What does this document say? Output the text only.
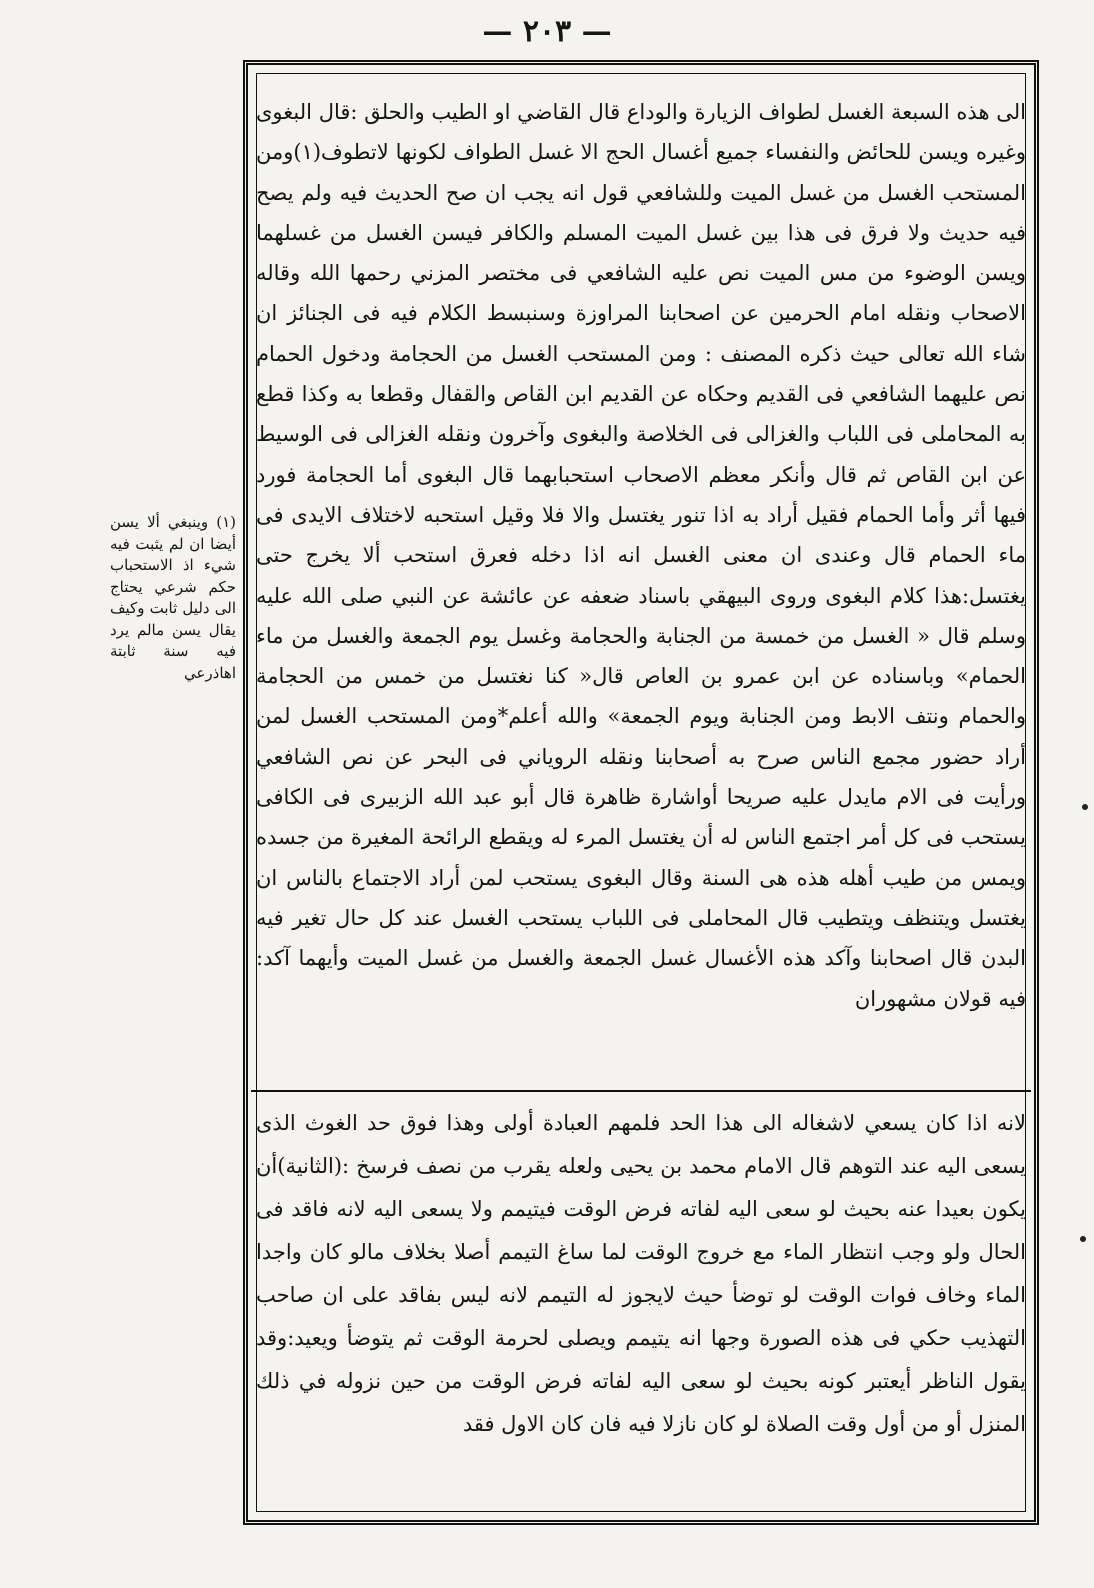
— ٢٠٣ —

الى هذه السبعة الغسل لطواف الزيارة والوداع قال القاضي او الطيب والحلق :قال البغوى وغيره ويسن للحائض والنفساء جميع أغسال الحج الا غسل الطواف لكونها لاتطوف(١)ومن المستحب الغسل من غسل الميت وللشافعي قول انه يجب ان صح الحديث فيه ولم يصح فيه حديث ولا فرق فى هذا بين غسل الميت المسلم والكافر فيسن الغسل من غسلهما ويسن الوضوء من مس الميت نص عليه الشافعي فى مختصر المزني رحمها الله وقاله الاصحاب ونقله امام الحرمين عن اصحابنا المراوزة وسنبسط الكلام فيه فى الجنائز ان شاء الله تعالى حيث ذكره المصنف : ومن المستحب الغسل من الحجامة ودخول الحمام نص عليهما الشافعي فى القديم وحكاه عن القديم ابن القاص والقفال وقطعا به وكذا قطع به المحاملى فى اللباب والغزالى فى الخلاصة والبغوى وآخرون ونقله الغزالى فى الوسيط عن ابن القاص ثم قال وأنكر معظم الاصحاب استحبابهما قال البغوى أما الحجامة فورد فيها أثر وأما الحمام فقيل أراد به اذا تنور يغتسل والا فلا وقيل استحبه لاختلاف الايدى فى ماء الحمام قال وعندى ان معنى الغسل انه اذا دخله فعرق استحب ألا يخرج حتى يغتسل:هذا كلام البغوى وروى البيهقي باسناد ضعفه عن عائشة عن النبي صلى الله عليه وسلم قال « الغسل من خمسة من الجنابة والحجامة وغسل يوم الجمعة والغسل من ماء الحمام» وباسناده عن ابن عمرو بن العاص قال« كنا نغتسل من خمس من الحجامة والحمام ونتف الابط ومن الجنابة ويوم الجمعة» والله أعلم*ومن المستحب الغسل لمن أراد حضور مجمع الناس صرح به أصحابنا ونقله الروياني فى البحر عن نص الشافعي ورأيت فى الام مايدل عليه صريحا أواشارة ظاهرة قال أبو عبد الله الزبيرى فى الكافى يستحب فى كل أمر اجتمع الناس له أن يغتسل المرء له ويقطع الرائحة المغيرة من جسده ويمس من طيب أهله هذه هى السنة وقال البغوى يستحب لمن أراد الاجتماع بالناس ان يغتسل ويتنظف ويتطيب قال المحاملى فى اللباب يستحب الغسل عند كل حال تغير فيه البدن قال اصحابنا وآكد هذه الأغسال غسل الجمعة والغسل من غسل الميت وأيهما آكد: فيه قولان مشهوران

لانه اذا كان يسعي لاشغاله الى هذا الحد فلمهم العبادة أولى وهذا فوق حد الغوث الذى يسعى اليه عند التوهم قال الامام محمد بن يحيى ولعله يقرب من نصف فرسخ :(الثانية)أن يكون بعيدا عنه بحيث لو سعى اليه لفاته فرض الوقت فيتيمم ولا يسعى اليه لانه فاقد فى الحال ولو وجب انتظار الماء مع خروج الوقت لما ساغ التيمم أصلا بخلاف مالو كان واجدا الماء وخاف فوات الوقت لو توضأ حيث لايجوز له التيمم لانه ليس بفاقد على ان صاحب التهذيب حكي فى هذه الصورة وجها انه يتيمم ويصلى لحرمة الوقت ثم يتوضأ ويعيد:وقد يقول الناظر أيعتبر كونه بحيث لو سعى اليه لفاته فرض الوقت من حين نزوله في ذلك المنزل أو من أول وقت الصلاة لو كان نازلا فيه فان كان الاول فقد

(١) وينبغي ألا يسن أيضا ان لم يثبت فيه شيء اذ الاستحباب حكم شرعي يحتاج الى دليل ثابت وكيف يقال يسن مالم يرد فيه سنة ثابتة اهاذرعي
